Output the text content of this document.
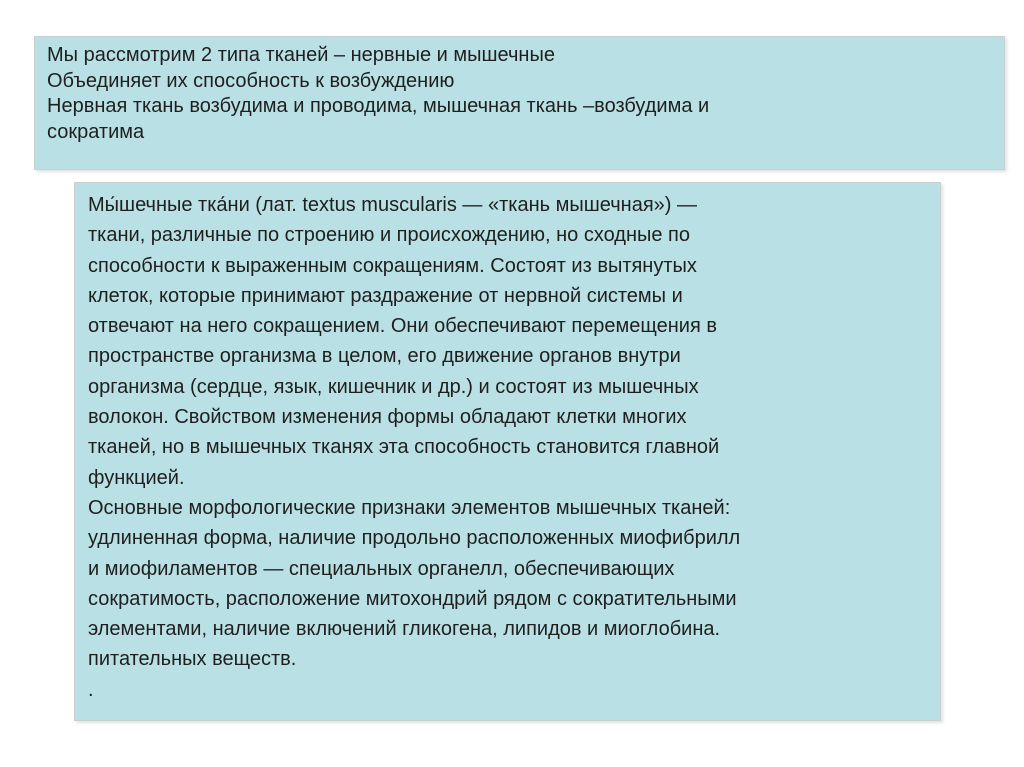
Мы рассмотрим 2 типа тканей – нервные и мышечные
Объединяет их способность к возбуждению
Нервная ткань возбудима и проводима, мышечная ткань –возбудима и
сократима
Мы́шечные тка́ни (лат. textus muscularis — «ткань мышечная») —
ткани, различные по строению и происхождению, но сходные по
способности к выраженным сокращениям. Состоят из вытянутых
клеток, которые принимают раздражение от нервной системы и
отвечают на него сокращением. Они обеспечивают перемещения в
пространстве организма в целом, его движение органов внутри
организма (сердце, язык, кишечник и др.) и состоят из мышечных
волокон. Свойством изменения формы обладают клетки многих
тканей, но в мышечных тканях эта способность становится главной
функцией.
Основные морфологические признаки элементов мышечных тканей:
удлиненная форма, наличие продольно расположенных миофибрилл
и миофиламентов — специальных органелл, обеспечивающих
сократимость, расположение митохондрий рядом с сократительными
элементами, наличие включений гликогена, липидов и миоглобина.
питательных веществ.
.
